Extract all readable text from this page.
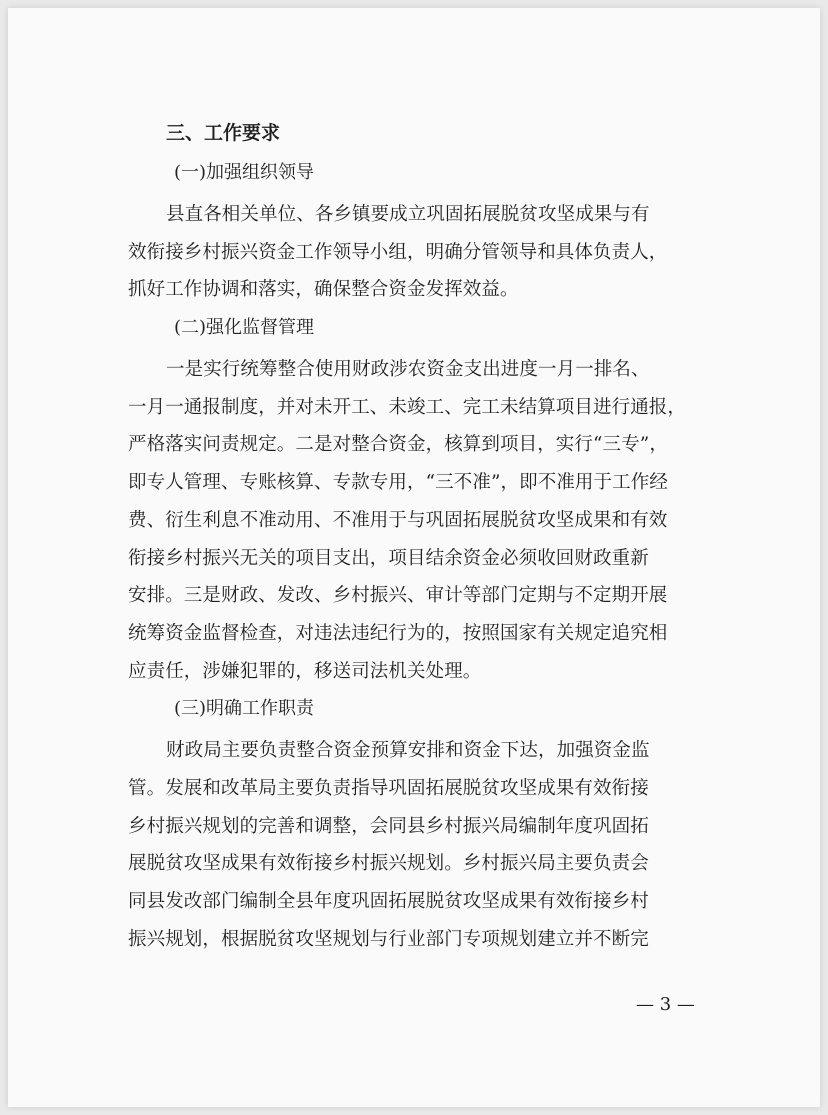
三、工作要求
(一)加强组织领导
县直各相关单位、各乡镇要成立巩固拓展脱贫攻坚成果与有
效衔接乡村振兴资金工作领导小组，明确分管领导和具体负责人，
抓好工作协调和落实，确保整合资金发挥效益。
(二)强化监督管理
一是实行统筹整合使用财政涉农资金支出进度一月一排名、
一月一通报制度，并对未开工、未竣工、完工未结算项目进行通报，
严格落实问责规定。二是对整合资金，核算到项目，实行“三专”，
即专人管理、专账核算、专款专用，“三不准”，即不准用于工作经
费、衍生利息不准动用、不准用于与巩固拓展脱贫攻坚成果和有效
衔接乡村振兴无关的项目支出，项目结余资金必须收回财政重新
安排。三是财政、发改、乡村振兴、审计等部门定期与不定期开展
统筹资金监督检查，对违法违纪行为的，按照国家有关规定追究相
应责任，涉嫌犯罪的，移送司法机关处理。
(三)明确工作职责
财政局主要负责整合资金预算安排和资金下达，加强资金监
管。发展和改革局主要负责指导巩固拓展脱贫攻坚成果有效衔接
乡村振兴规划的完善和调整，会同县乡村振兴局编制年度巩固拓
展脱贫攻坚成果有效衔接乡村振兴规划。乡村振兴局主要负责会
同县发改部门编制全县年度巩固拓展脱贫攻坚成果有效衔接乡村
振兴规划，根据脱贫攻坚规划与行业部门专项规划建立并不断完
— 3 —
